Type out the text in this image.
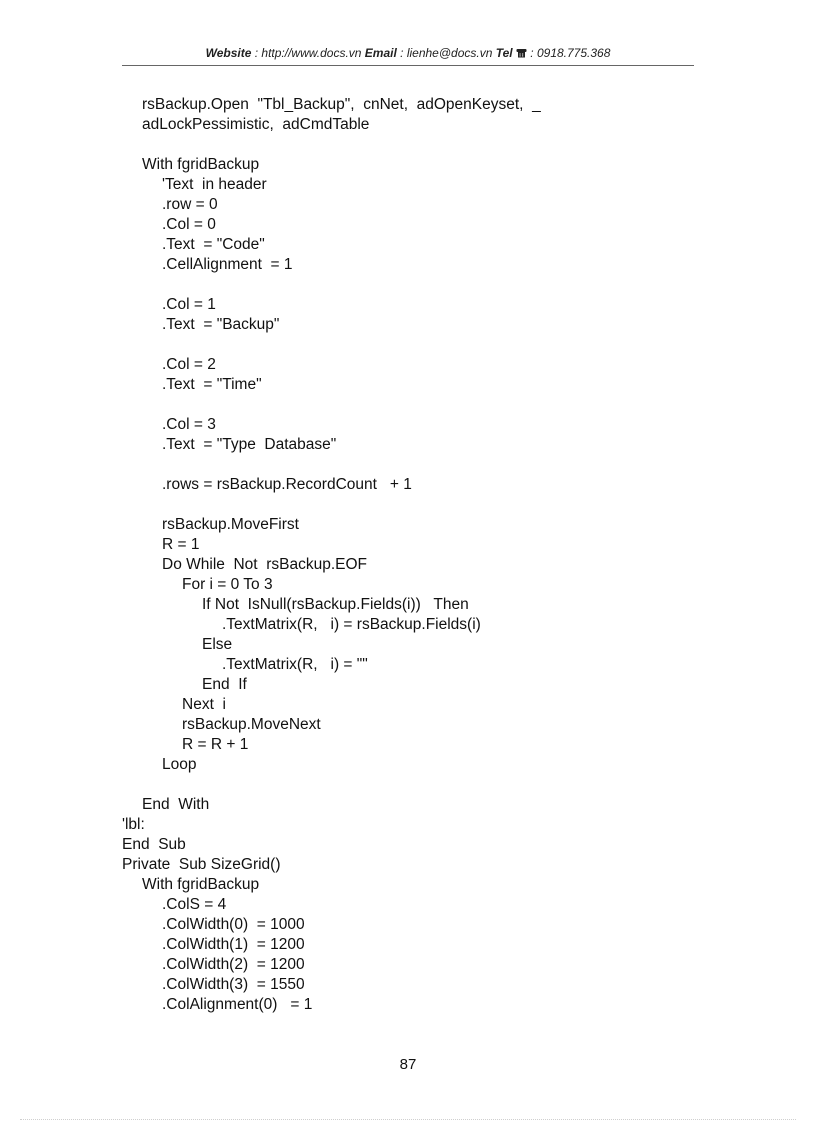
Website : http://www.docs.vn Email : lienhe@docs.vn Tel  : 0918.775.368
rsBackup.Open  "Tbl_Backup",  cnNet,  adOpenKeyset,  _
adLockPessimistic,  adCmdTable
With fgridBackup
'Text  in header
.row = 0
.Col = 0
.Text  = "Code"
.CellAlignment  = 1
.Col = 1
.Text  = "Backup"
.Col = 2
.Text  = "Time"
.Col = 3
.Text  = "Type  Database"
.rows = rsBackup.RecordCount   + 1
rsBackup.MoveFirst
R = 1
Do While  Not  rsBackup.EOF
For i = 0 To 3
If Not  IsNull(rsBackup.Fields(i))   Then
.TextMatrix(R,   i) = rsBackup.Fields(i)
Else
.TextMatrix(R,   i) = ""
End  If
Next  i
rsBackup.MoveNext
R = R + 1
Loop
End  With
'lbl:
End  Sub
Private  Sub SizeGrid()
With fgridBackup
.ColS = 4
.ColWidth(0)  = 1000
.ColWidth(1)  = 1200
.ColWidth(2)  = 1200
.ColWidth(3)  = 1550
.ColAlignment(0)   = 1
87
